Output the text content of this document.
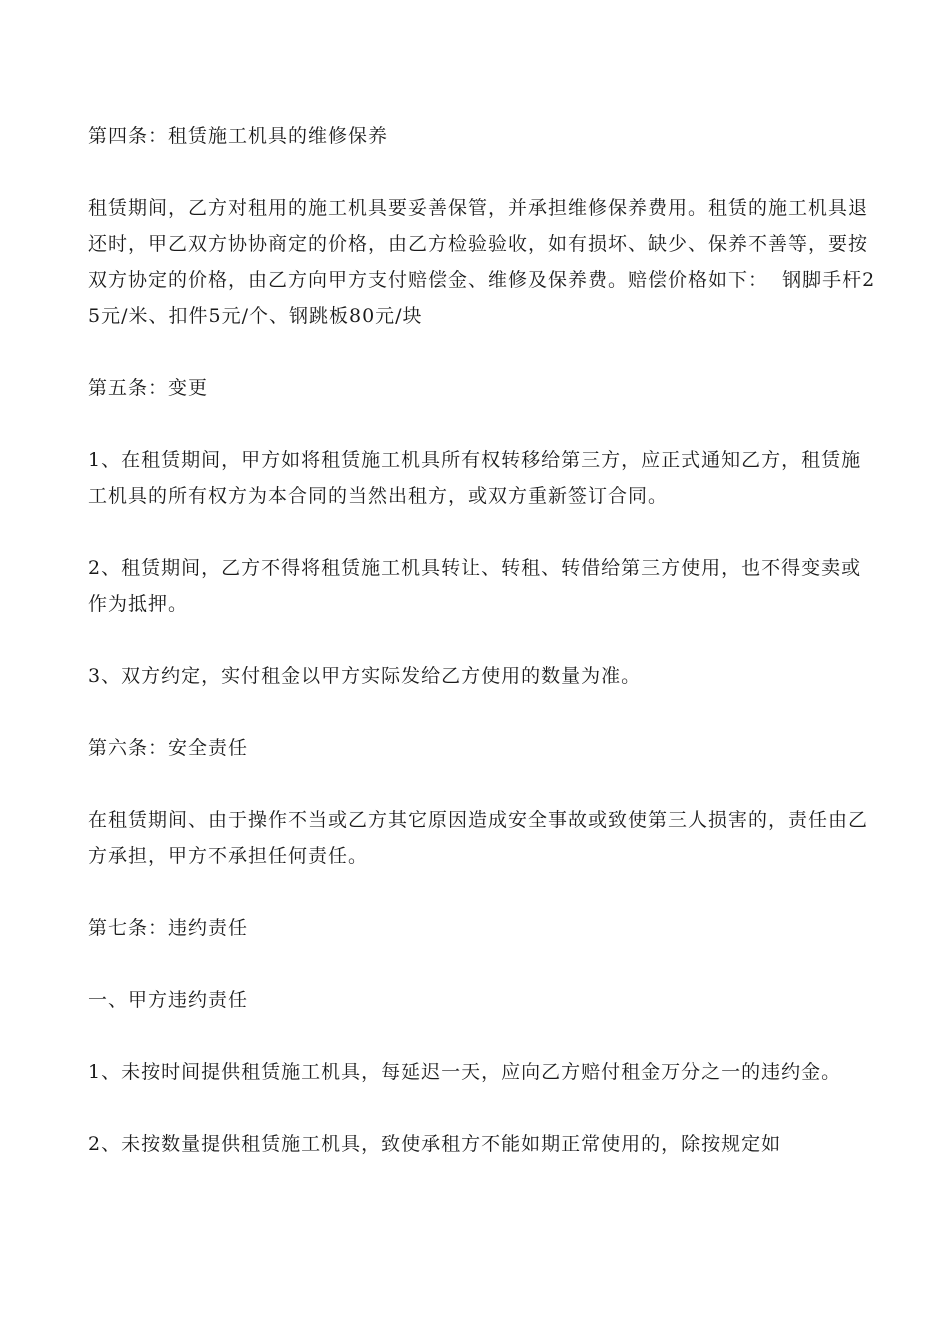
第四条：租赁施工机具的维修保养

租赁期间，乙方对租用的施工机具要妥善保管，并承担维修保养费用。租赁的施工机具退还时，甲乙双方协协商定的价格，由乙方检验验收，如有损坏、缺少、保养不善等，要按双方协定的价格，由乙方向甲方支付赔偿金、维修及保养费。赔偿价格如下：  钢脚手杆25元/米、扣件5元/个、钢跳板80元/块

第五条：变更

1、在租赁期间，甲方如将租赁施工机具所有权转移给第三方，应正式通知乙方，租赁施工机具的所有权方为本合同的当然出租方，或双方重新签订合同。

2、租赁期间，乙方不得将租赁施工机具转让、转租、转借给第三方使用，也不得变卖或作为抵押。

3、双方约定，实付租金以甲方实际发给乙方使用的数量为准。

第六条：安全责任

在租赁期间、由于操作不当或乙方其它原因造成安全事故或致使第三人损害的，责任由乙方承担，甲方不承担任何责任。

第七条：违约责任

一、甲方违约责任

1、未按时间提供租赁施工机具，每延迟一天，应向乙方赔付租金万分之一的违约金。

2、未按数量提供租赁施工机具，致使承租方不能如期正常使用的，除按规定如
